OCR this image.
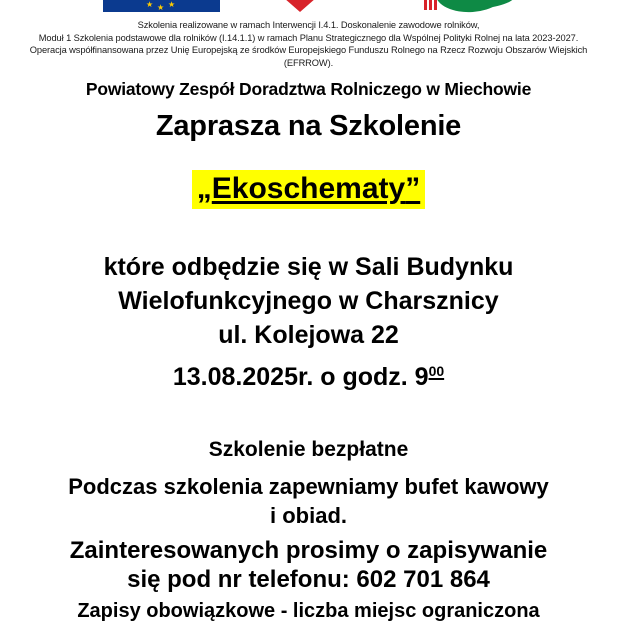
★ ★
★
Szkolenia realizowane w ramach Interwencji I.4.1. Doskonalenie zawodowe rolników,
Moduł 1 Szkolenia podstawowe dla rolników (I.14.1.1) w ramach Planu Strategicznego dla Wspólnej Polityki Rolnej na lata 2023-2027.
Operacja współfinansowana przez Unię Europejską ze środków Europejskiego Funduszu Rolnego na Rzecz Rozwoju Obszarów Wiejskich
(EFRROW).
Powiatowy Zespół Doradztwa Rolniczego w Miechowie
Zaprasza na Szkolenie
„Ekoschematy”
które odbędzie się w Sali Budynku
Wielofunkcyjnego w Charsznicy
ul. Kolejowa 22
13.08.2025r. o godz. $9^{00}$
Szkolenie bezpłatne
Podczas szkolenia zapewniamy bufet kawowy
i obiad.
Zainteresowanych prosimy o zapisywanie
się pod nr telefonu: 602 701 864
Zapisy obowiązkowe - liczba miejsc ograniczona
